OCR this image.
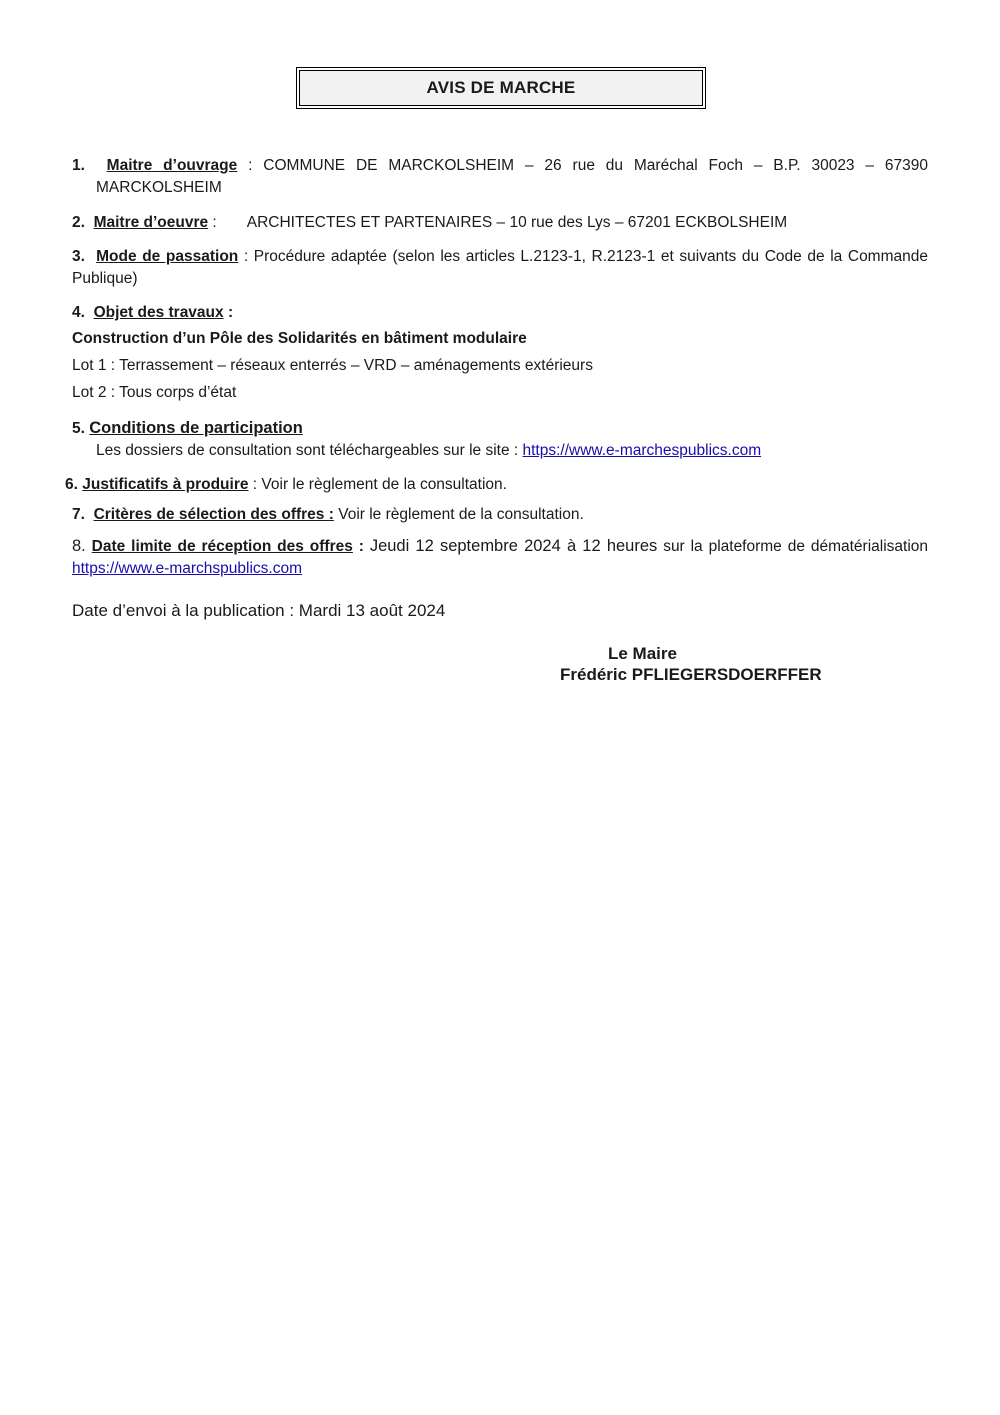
AVIS DE MARCHE
1. Maitre d’ouvrage : COMMUNE DE MARCKOLSHEIM – 26 rue du Maréchal Foch – B.P. 30023 – 67390
MARCKOLSHEIM
2. Maitre d’oeuvre : ARCHITECTES ET PARTENAIRES – 10 rue des Lys – 67201 ECKBOLSHEIM
3. Mode de passation : Procédure adaptée (selon les articles L.2123-1, R.2123-1 et suivants du Code de la Commande
Publique)
4. Objet des travaux :
Construction d’un Pôle des Solidarités en bâtiment modulaire
Lot 1 : Terrassement – réseaux enterrés – VRD – aménagements extérieurs
Lot 2 : Tous corps d’état
5. Conditions de participation
Les dossiers de consultation sont téléchargeables sur le site : https://www.e-marchespublics.com
6. Justificatifs à produire : Voir le règlement de la consultation.
7. Critères de sélection des offres : Voir le règlement de la consultation.
8. Date limite de réception des offres : Jeudi 12 septembre 2024 à 12 heures sur la plateforme de dématérialisation
https://www.e-marchspublics.com
Date d’envoi à la publication : Mardi 13 août 2024
Le Maire
Frédéric PFLIEGERSDOERFFER
